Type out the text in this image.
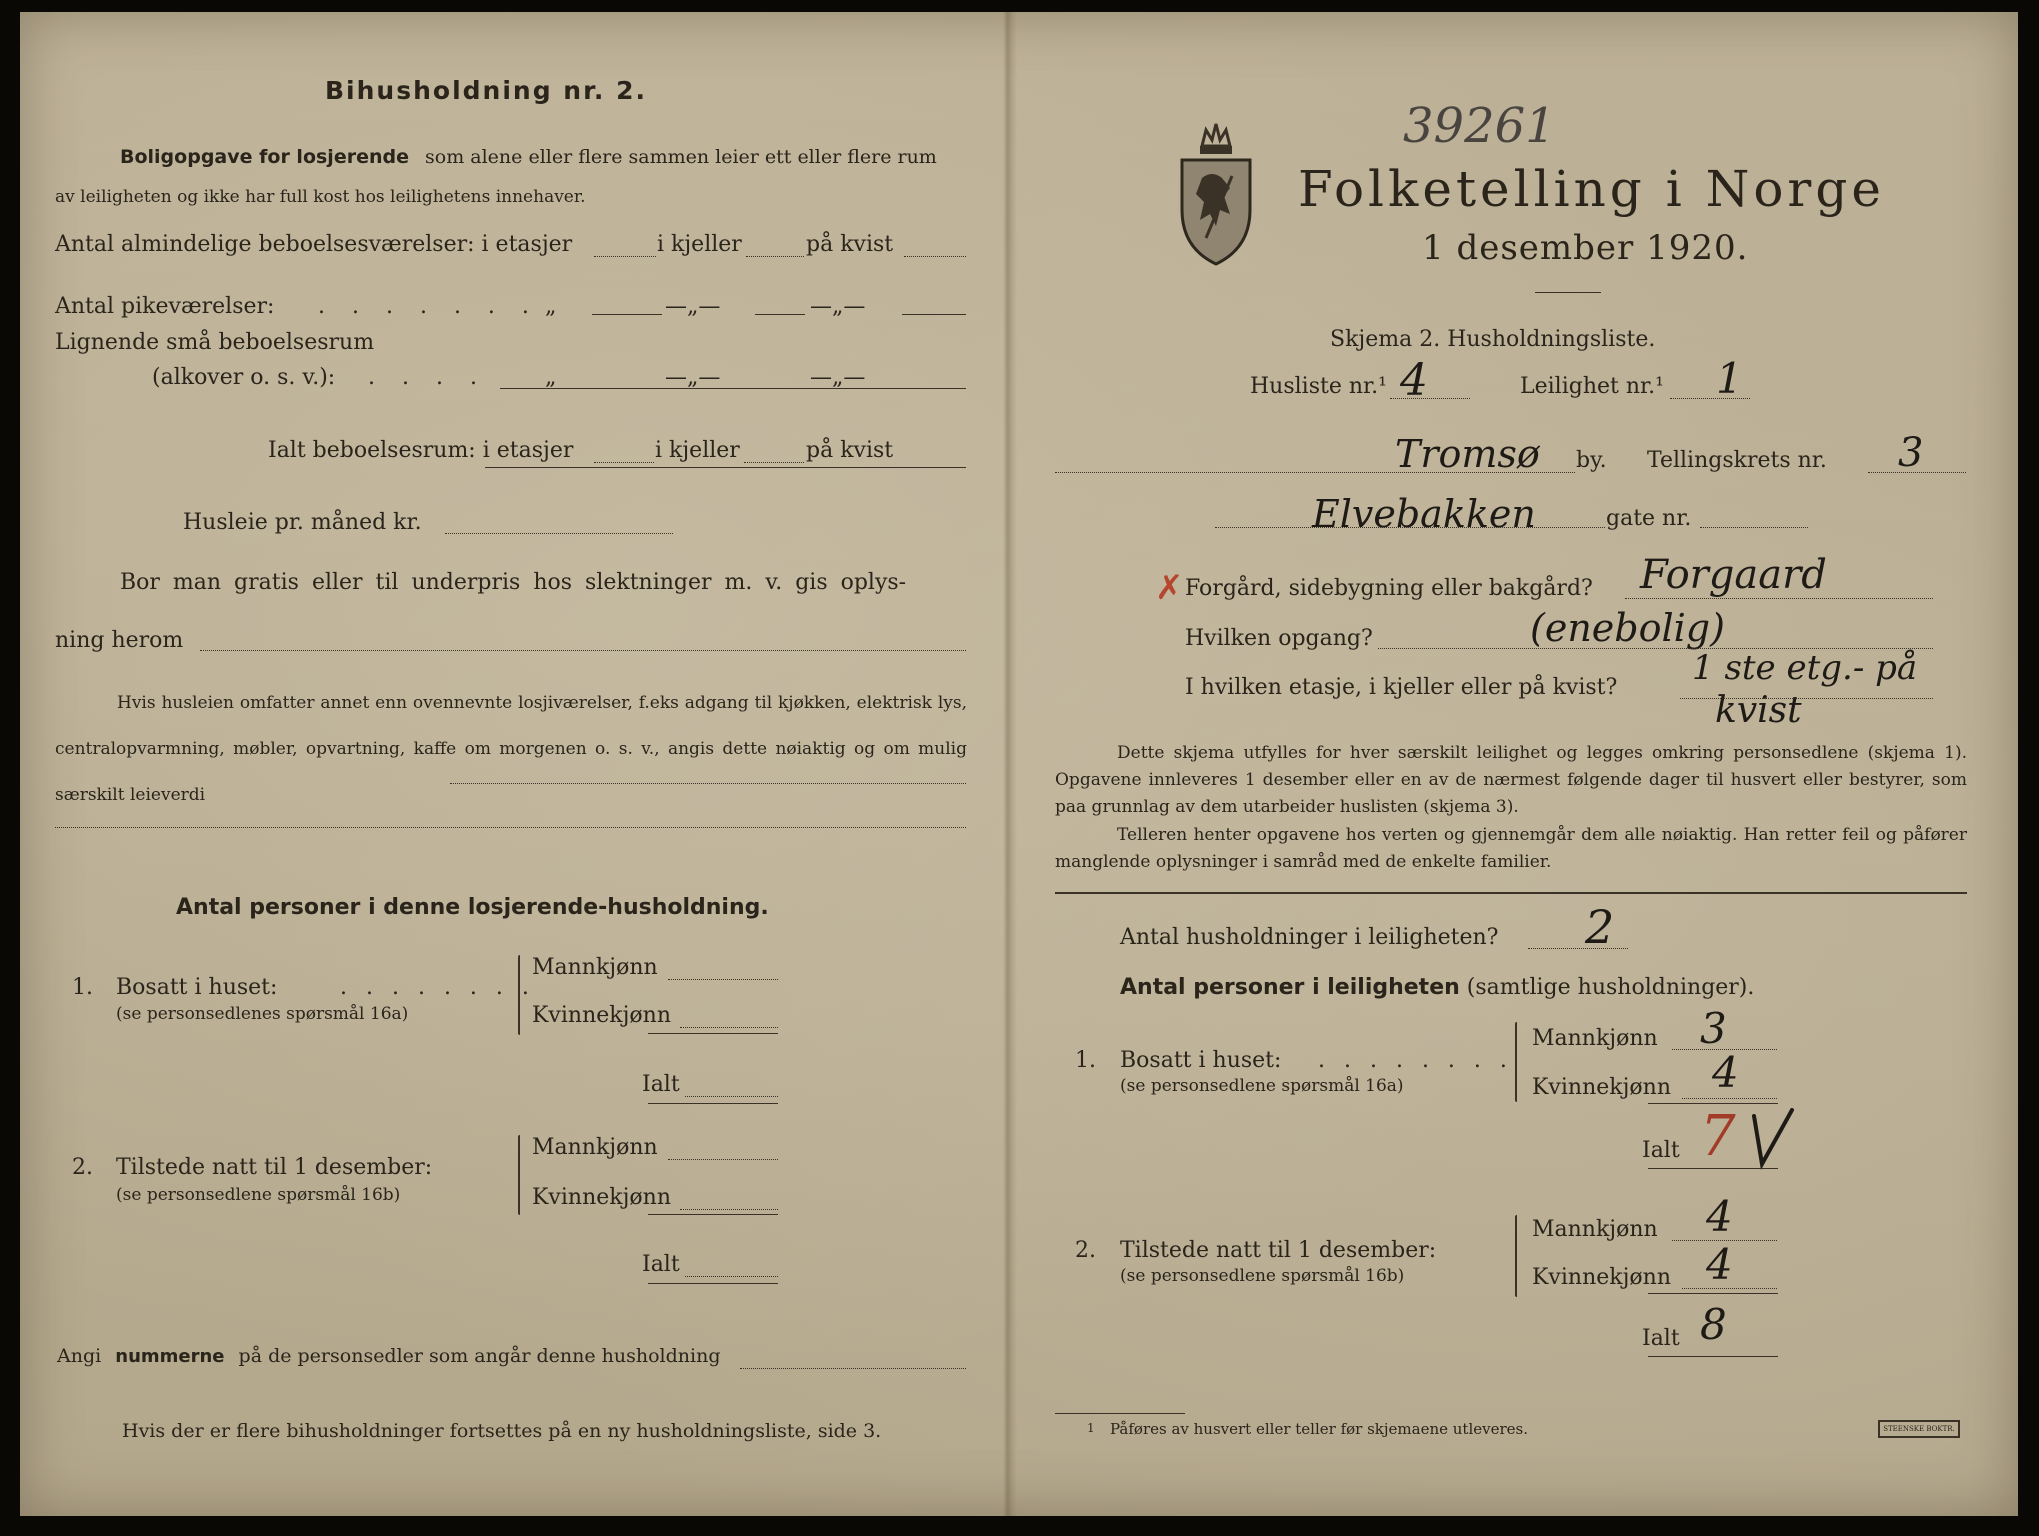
Bihusholdning nr. 2.
Boligopgave for losjerende som alene eller flere sammen leier ett eller flere rum
av leiligheten og ikke har full kost hos leilighetens innehaver.
Antal almindelige beboelsesværelser: i etasjer	i kjeller	på kvist
Antal pikeværelser: . . . . . . . „	—„—	—„—
Lignende små beboelsesrum
(alkover o. s. v.): . . . .	„	—„—	—„—
Ialt beboelsesrum: i etasjer	i kjeller	på kvist
Husleie pr. måned kr.
Bor man gratis eller til underpris hos slektninger m. v. gis oplys-
ning herom
Hvis husleien omfatter annet enn ovennevnte losjiværelser, f.eks adgang til kjøkken, elektrisk lys, centralopvarmning, møbler, opvartning, kaffe om morgenen o. s. v., angis dette nøiaktig og om mulig særskilt leieverdi
Antal personer i denne losjerende-husholdning.
1. Bosatt i huset:	. . . . . . . .
(se personsedlenes spørsmål 16a)
Mannkjønn
Kvinnekjønn
Ialt
2. Tilstede natt til 1 desember:
(se personsedlene spørsmål 16b)
Mannkjønn
Kvinnekjønn
Ialt
Angi nummerne på de personsedler som angår denne husholdning
Hvis der er flere bihusholdninger fortsettes på en ny husholdningsliste, side 3.
39261
Folketelling i Norge
1 desember 1920.
Skjema 2. Husholdningsliste.
Husliste nr.¹ 4	Leilighet nr.¹ 1
Tromsø by. Tellingskrets nr. 3
Elvebakken	gate nr.
✗ Forgård, sidebygning eller bakgård? Forgaard
Hvilken opgang?	(enebolig)
I hvilken etasje, i kjeller eller på kvist? 1 ste etg.- på
kvist
Dette skjema utfylles for hver særskilt leilighet og legges omkring personsedlene (skjema 1). Opgavene innleveres 1 desember eller en av de nærmest følgende dager til husvert eller bestyrer, som paa grunnlag av dem utarbeider huslisten (skjema 3).
Telleren henter opgavene hos verten og gjennemgår dem alle nøiaktig. Han retter feil og påfører manglende oplysninger i samråd med de enkelte familier.
Antal husholdninger i leiligheten? 2
Antal personer i leiligheten (samtlige husholdninger).
1. Bosatt i huset: . . . . . . . .
(se personsedlene spørsmål 16a)
Mannkjønn 3
Kvinnekjønn 4
Ialt 7
2. Tilstede natt til 1 desember:
(se personsedlene spørsmål 16b)
Mannkjønn 4
Kvinnekjønn 4
Ialt 8
1 Påføres av husvert eller teller før skjemaene utleveres.	STEENSKE BOKTR.
